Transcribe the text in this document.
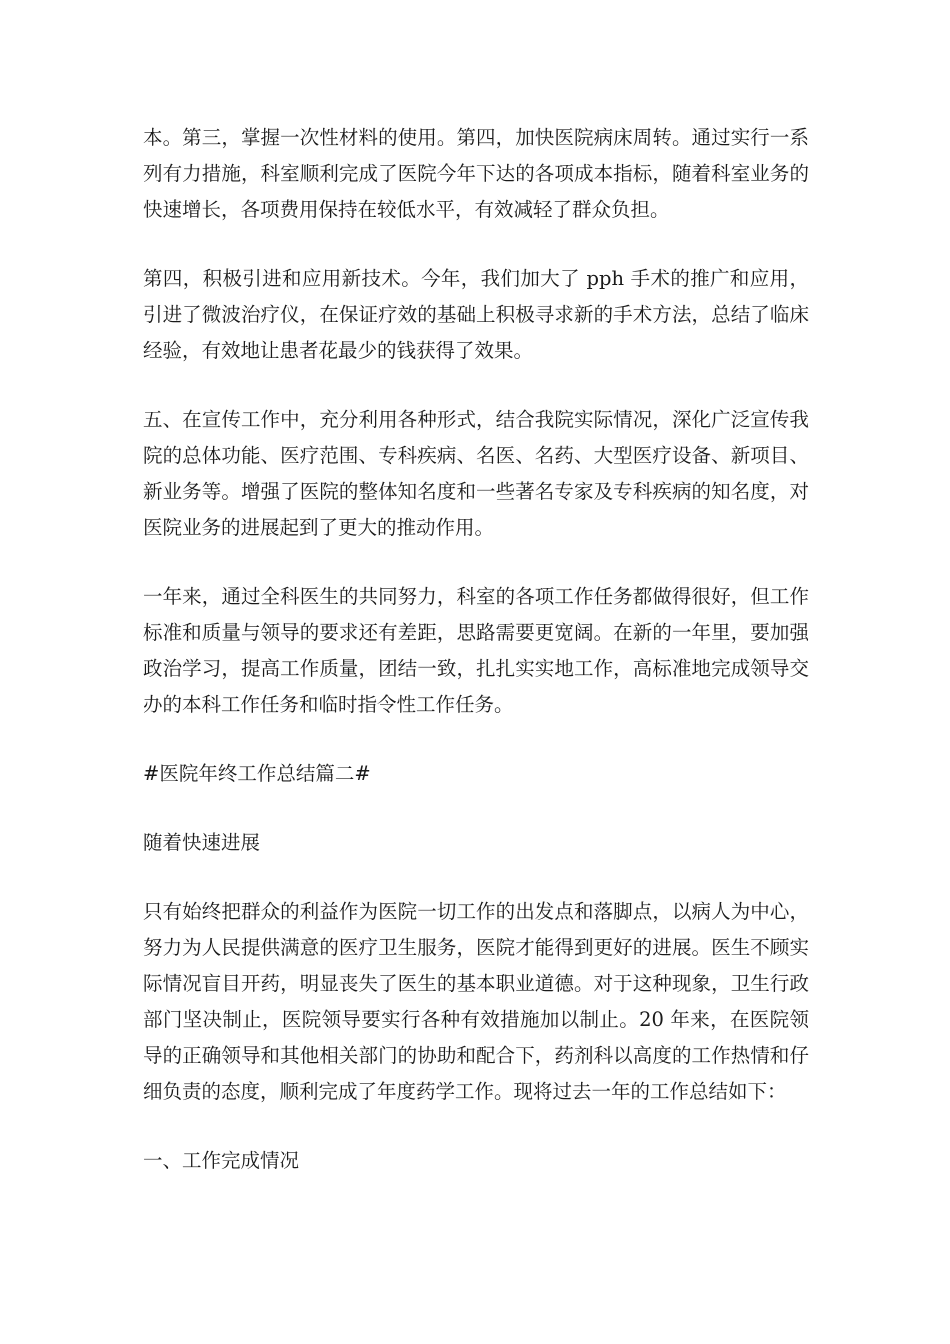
本。第三，掌握一次性材料的使用。第四，加快医院病床周转。通过实行一系列有力措施，科室顺利完成了医院今年下达的各项成本指标，随着科室业务的快速增长，各项费用保持在较低水平，有效减轻了群众负担。

第四，积极引进和应用新技术。今年，我们加大了 pph 手术的推广和应用，引进了微波治疗仪，在保证疗效的基础上积极寻求新的手术方法，总结了临床经验，有效地让患者花最少的钱获得了效果。

五、在宣传工作中，充分利用各种形式，结合我院实际情况，深化广泛宣传我院的总体功能、医疗范围、专科疾病、名医、名药、大型医疗设备、新项目、新业务等。增强了医院的整体知名度和一些著名专家及专科疾病的知名度，对医院业务的进展起到了更大的推动作用。

一年来，通过全科医生的共同努力，科室的各项工作任务都做得很好，但工作标准和质量与领导的要求还有差距，思路需要更宽阔。在新的一年里，要加强政治学习，提高工作质量，团结一致，扎扎实实地工作，高标准地完成领导交办的本科工作任务和临时指令性工作任务。

#医院年终工作总结篇二#

随着快速进展

只有始终把群众的利益作为医院一切工作的出发点和落脚点，以病人为中心，努力为人民提供满意的医疗卫生服务，医院才能得到更好的进展。医生不顾实际情况盲目开药，明显丧失了医生的基本职业道德。对于这种现象，卫生行政部门坚决制止，医院领导要实行各种有效措施加以制止。20 年来，在医院领导的正确领导和其他相关部门的协助和配合下，药剂科以高度的工作热情和仔细负责的态度，顺利完成了年度药学工作。现将过去一年的工作总结如下：

一、工作完成情况
